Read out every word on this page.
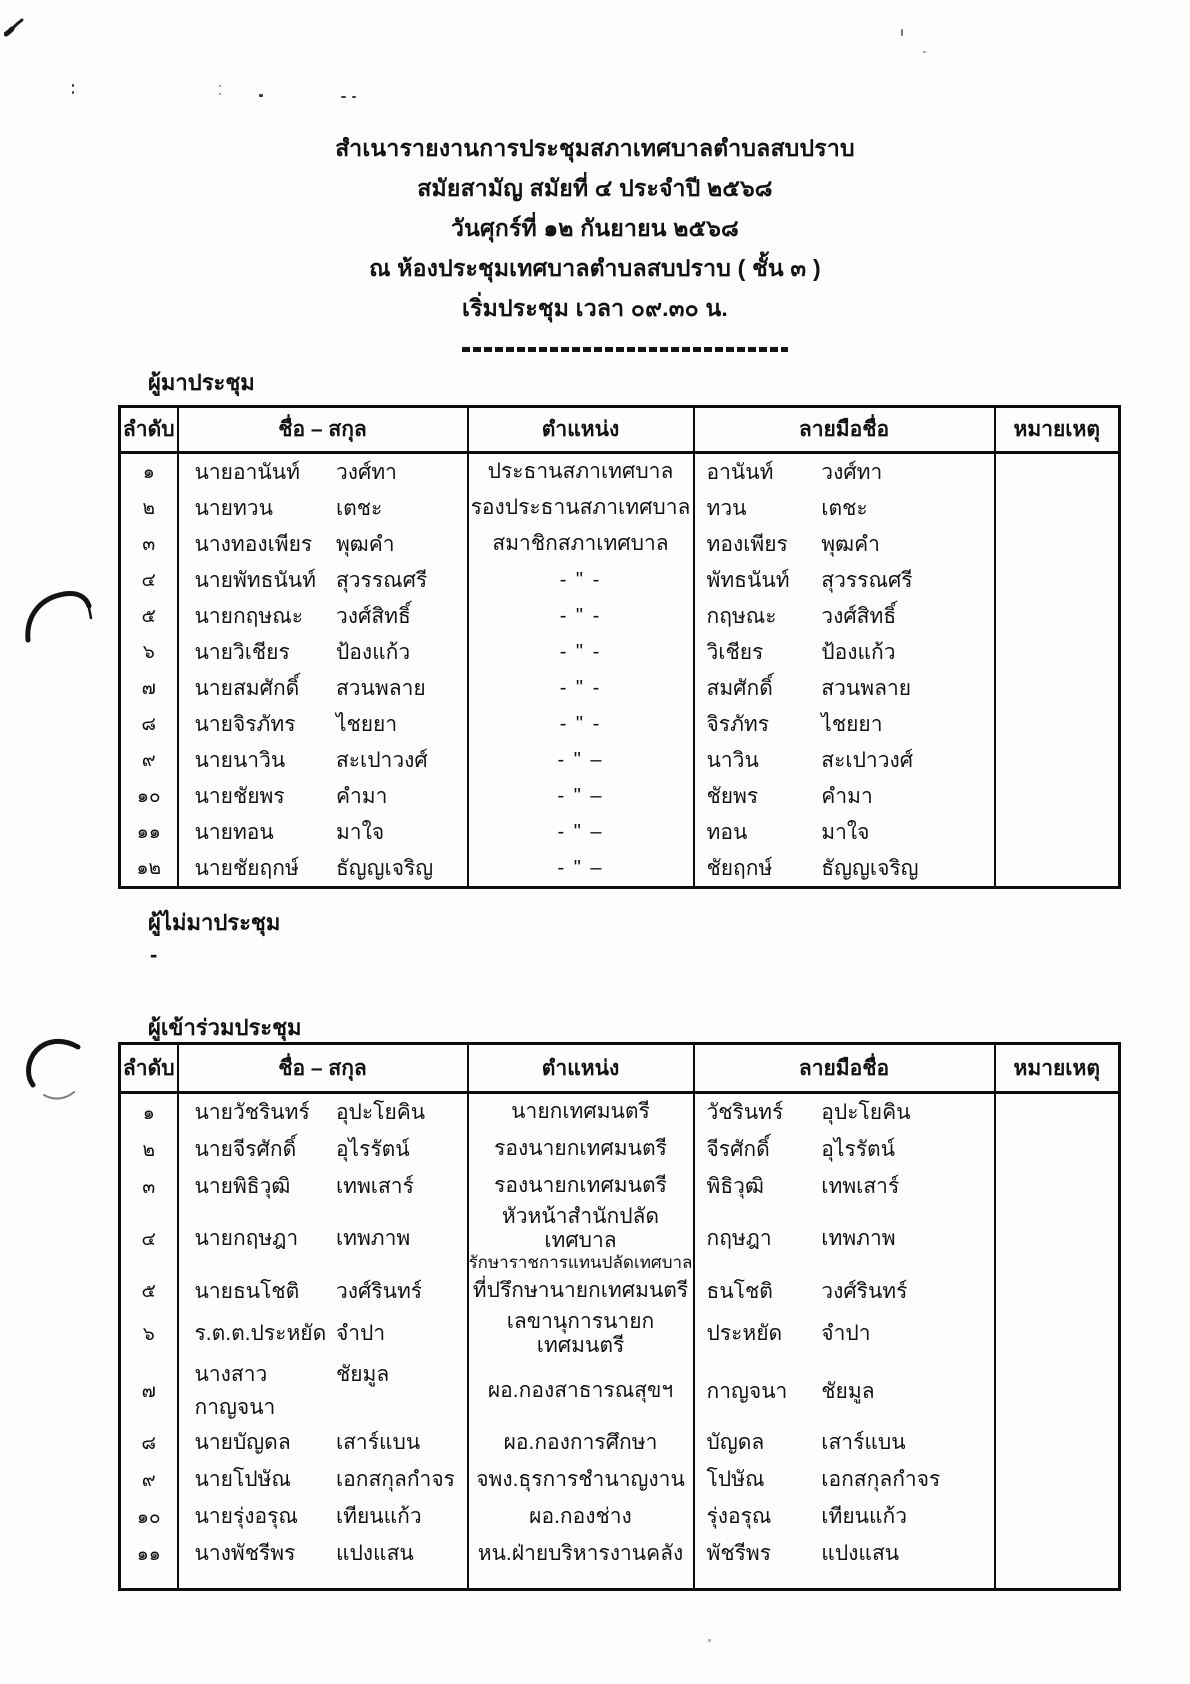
สำเนารายงานการประชุมสภาเทศบาลตำบลสบปราบ
สมัยสามัญ สมัยที่ ๔ ประจำปี ๒๕๖๘
วันศุกร์ที่ ๑๒ กันยายน ๒๕๖๘
ณ ห้องประชุมเทศบาลตำบลสบปราบ ( ชั้น ๓ )
เริ่มประชุม เวลา ๐๙.๓๐ น.
ผู้มาประชุม
ลำดับ	ชื่อ – สกุล	ตำแหน่ง	ลายมือชื่อ	หมายเหตุ
๑	นายอานันท์ วงศ์ทา	ประธานสภาเทศบาล	อานันท์ วงศ์ทา	

๒	นายทวน เตชะ	รองประธานสภาเทศบาล	ทวน เตชะ	

๓	นางทองเพียร พุฒคำ	สมาชิกสภาเทศบาล	ทองเพียร พุฒคำ	

๔	นายพัทธนันท์ สุวรรณศรี	- " -	พัทธนันท์ สุวรรณศรี	

๕	นายกฤษณะ วงศ์สิทธิ์	- " -	กฤษณะ วงศ์สิทธิ์	

๖	นายวิเชียร ป้องแก้ว	- " -	วิเชียร ป้องแก้ว	

๗	นายสมศักดิ์ สวนพลาย	- " -	สมศักดิ์ สวนพลาย	

๘	นายจิรภัทร ไชยยา	- " -	จิรภัทร ไชยยา	

๙	นายนาวิน สะเปาวงศ์	- " –	นาวิน สะเปาวงศ์	

๑๐	นายชัยพร คำมา	- " –	ชัยพร คำมา	

๑๑	นายทอน มาใจ	- " –	ทอน มาใจ	

๑๒	นายชัยฤกษ์ ธัญญเจริญ	- " –	ชัยฤกษ์ ธัญญเจริญ	

ผู้ไม่มาประชุม
-
ผู้เข้าร่วมประชุม
ลำดับ	ชื่อ – สกุล	ตำแหน่ง	ลายมือชื่อ	หมายเหตุ
๑	นายวัชรินทร์ อุปะโยคิน	นายกเทศมนตรี	วัชรินทร์ อุปะโยคิน	

๒	นายจีรศักดิ์ อุไรรัตน์	รองนายกเทศมนตรี	จีรศักดิ์ อุไรรัตน์	

๓	นายพิธิวุฒิ เทพเสาร์	รองนายกเทศมนตรี	พิธิวุฒิ เทพเสาร์	

๔	นายกฤษฎา เทพภาพ	หัวหน้าสำนักปลัดเทศบาล
รักษาราชการแทนปลัดเทศบาล	กฤษฎา เทพภาพ	

๕	นายธนโชติ วงศ์รินทร์	ที่ปรึกษานายกเทศมนตรี	ธนโชติ วงศ์รินทร์	

๖	ร.ต.ต.ประหยัด จำปา	เลขานุการนายกเทศมนตรี	ประหยัด จำปา	

๗	นางสาวกาญจนา
ชัยมูล	ผอ.กองสาธารณสุขฯ	กาญจนา ชัยมูล	

๘	นายบัญดล เสาร์แบน	ผอ.กองการศึกษา	บัญดล เสาร์แบน	

๙	นายโปษัณ เอกสกุลกำจร	จพง.ธุรการชำนาญงาน	โปษัณ เอกสกุลกำจร	

๑๐	นายรุ่งอรุณ เทียนแก้ว	ผอ.กองช่าง	รุ่งอรุณ เทียนแก้ว	

๑๑	นางพัชรีพร แปงแสน	หน.ฝ่ายบริหารงานคลัง	พัชรีพร แปงแสน	
